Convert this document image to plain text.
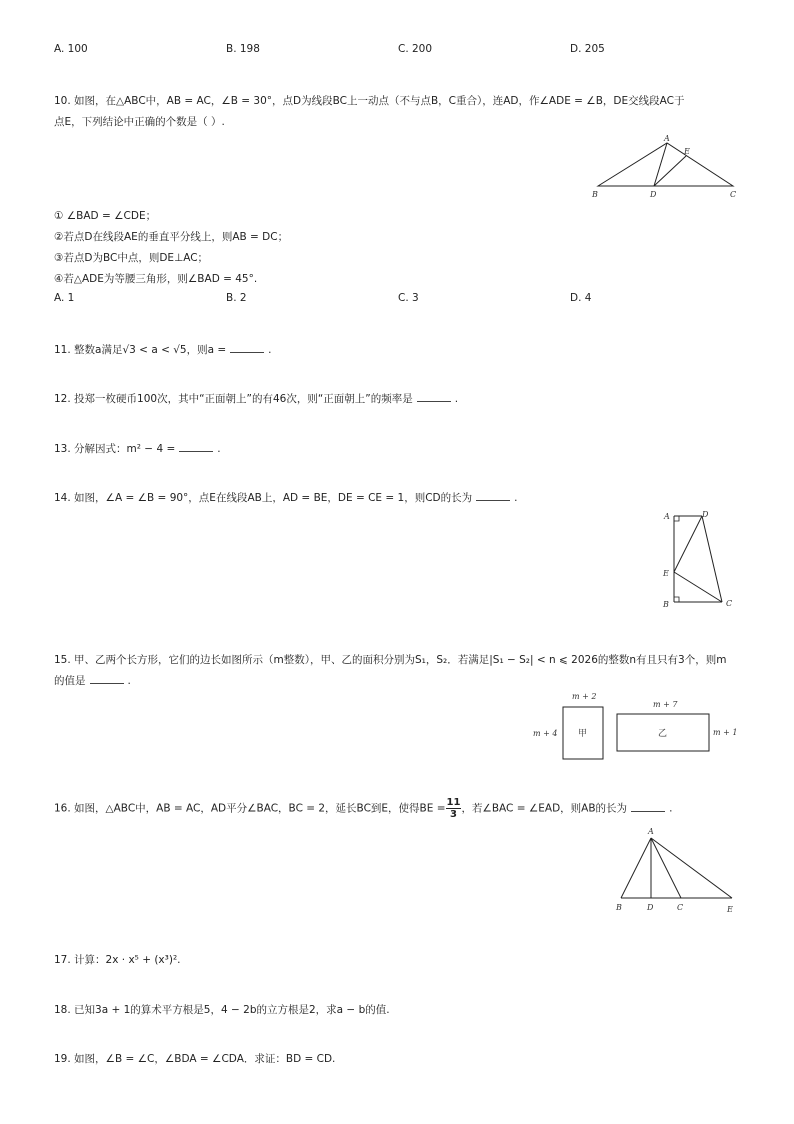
A. 100	B. 198	C. 200	D. 205
10. 如图，在△ABC中，AB = AC，∠B = 30°，点D为线段BC上一动点（不与点B，C重合），连AD，作∠ADE = ∠B，DE交线段AC于
点E，下列结论中正确的个数是（ ）.
A
E
B	D	C
① ∠BAD = ∠CDE；
②若点D在线段AE的垂直平分线上，则AB = DC；
③若点D为BC中点，则DE⊥AC；
④若△ADE为等腰三角形，则∠BAD = 45°.
A. 1	B. 2	C. 3	D. 4
11. 整数a满足√3 < a < √5，则a =	.
12. 投郑一枚硬币100次，其中“正面朝上”的有46次，则“正面朝上”的频率是	.
13. 分解因式：m² − 4 =	.
14. 如图，∠A = ∠B = 90°，点E在线段AB上，AD = BE，DE = CE = 1，则CD的长为	.
A	D
E
B	C
15. 甲、乙两个长方形，它们的边长如图所示（m整数），甲、乙的面积分别为S₁，S₂．若满足|S₁ − S₂| < n ⩽ 2026的整数n有且只有3个，则m
的值是	.
m + 2
m + 4 甲
m + 7
m + 1
乙
16. 如图，△ABC中，AB = AC，AD平分∠BAC，BC = 2，延长BC到E，使得BE = $\frac{11}{3}$ ，若∠BAC = ∠EAD，则AB的长为	.
A
B	D	C	E
17. 计算：2x · x⁵ + (x³)².
18. 已知3a + 1的算术平方根是5，4 − 2b的立方根是2，求a − b的值.
19. 如图，∠B = ∠C，∠BDA = ∠CDA．求证：BD = CD.
